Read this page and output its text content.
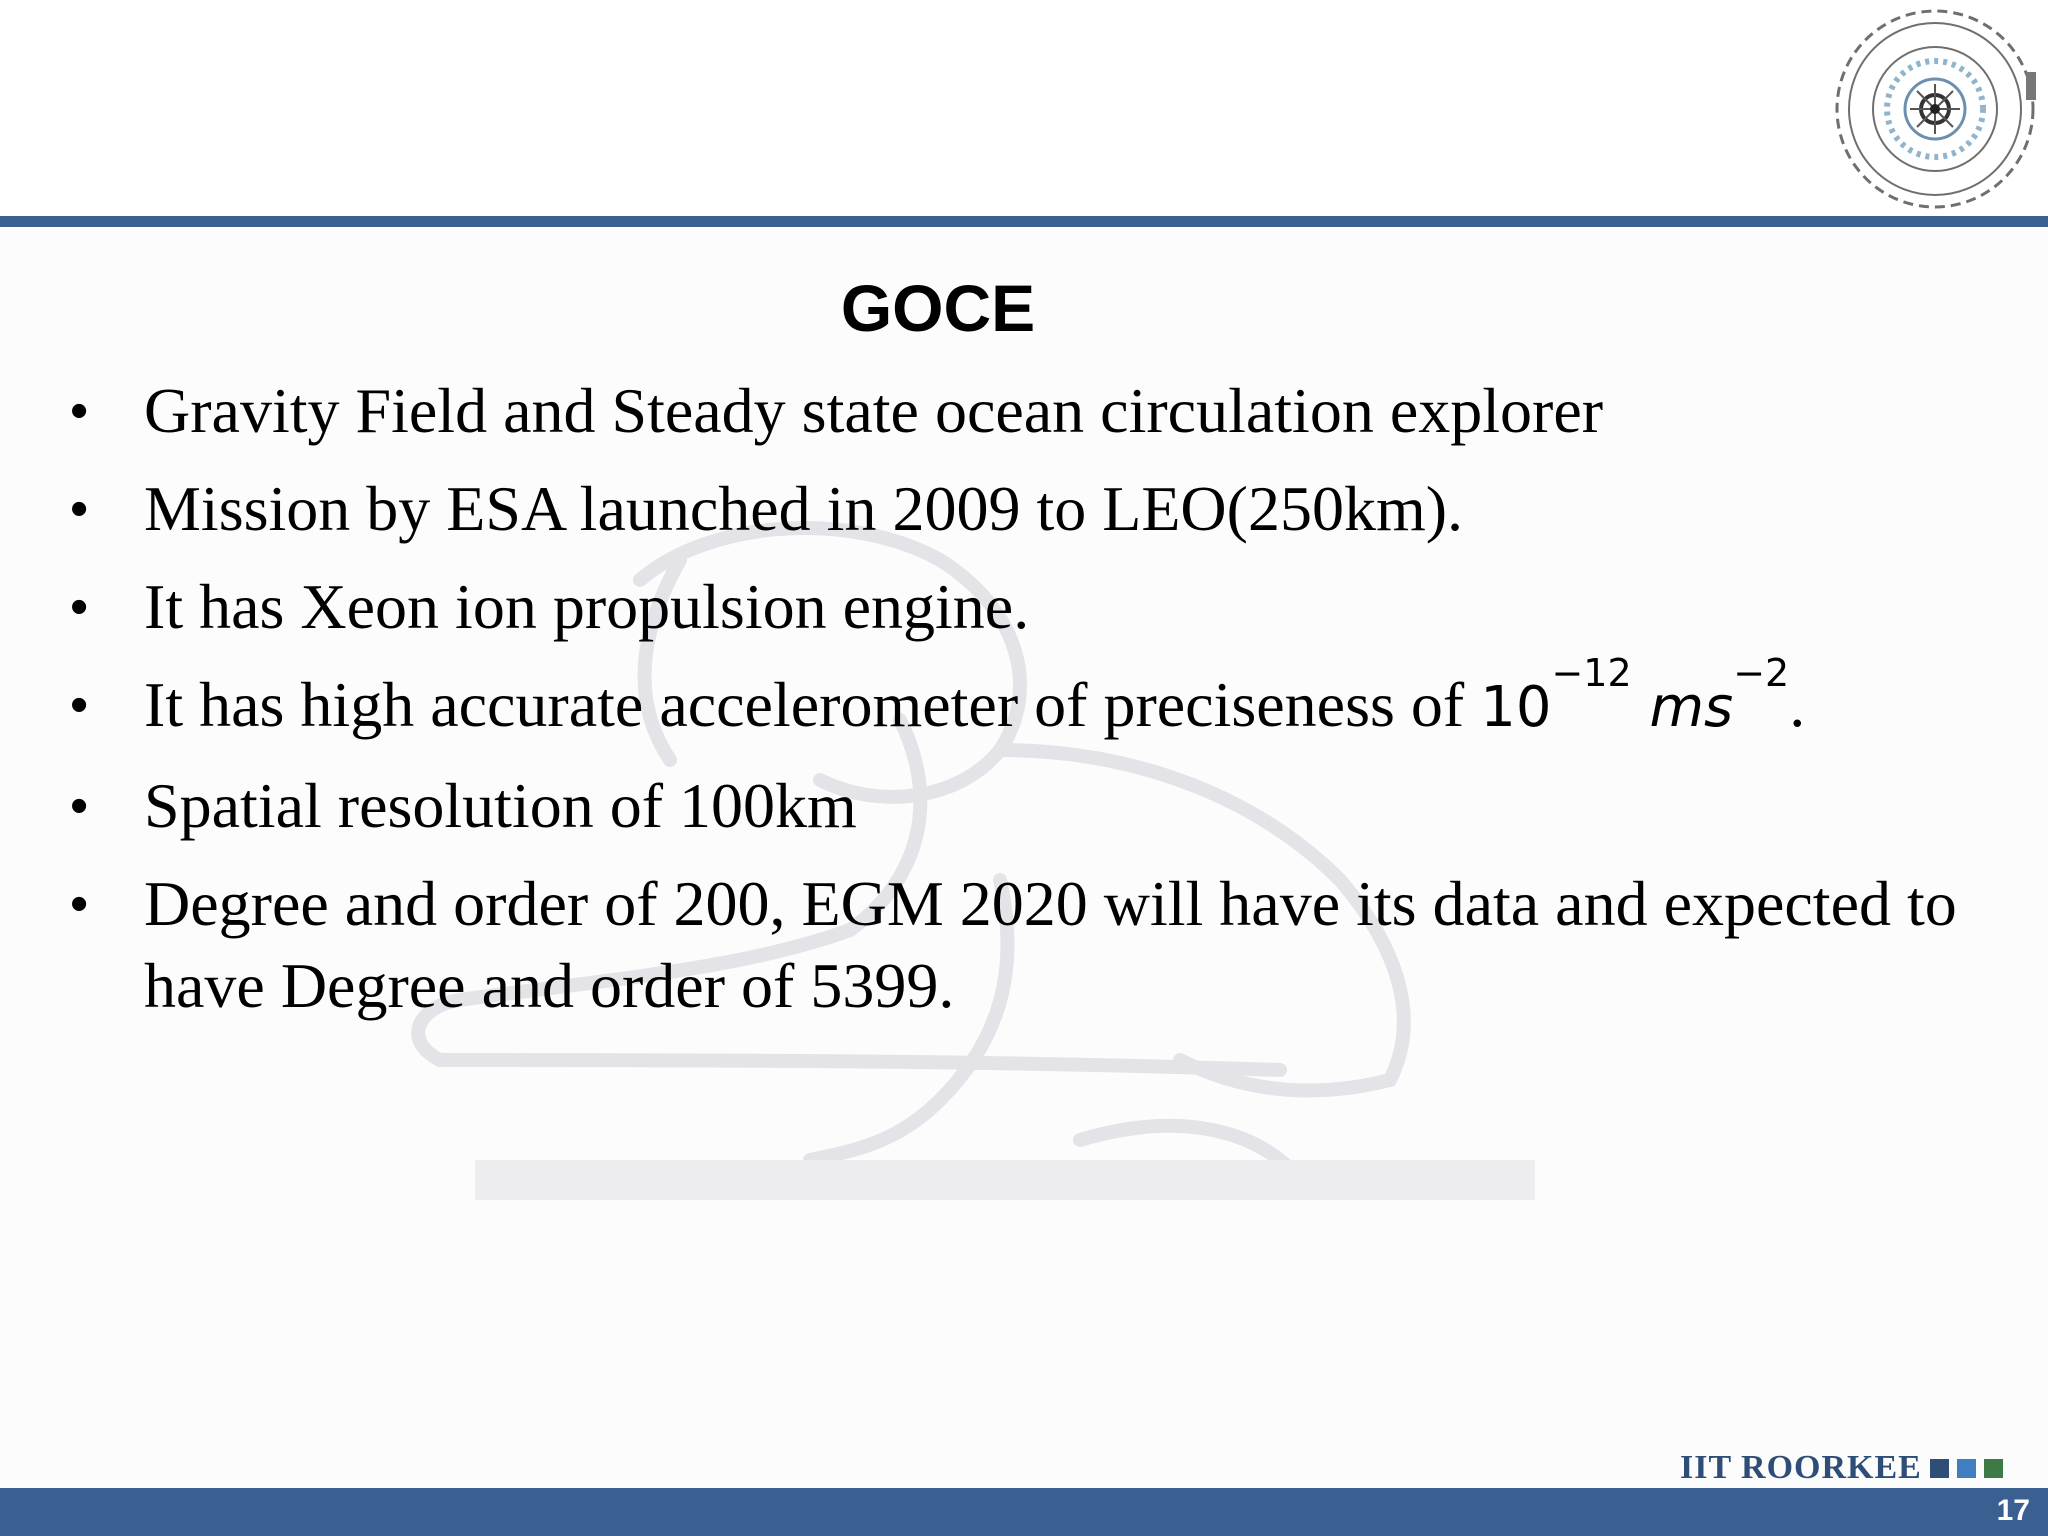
GOCE
• Gravity Field and Steady state ocean circulation explorer
• Mission by ESA launched in 2009 to LEO(250km).
• It has Xeon ion propulsion engine.
• It has high accurate accelerometer of preciseness of $10^{-12}$ $ms^{-2}$.
• Spatial resolution of 100km
• Degree and order of 200, EGM 2020 will have its data and expected to have Degree and order of 5399.
IIT ROORKEE
17
